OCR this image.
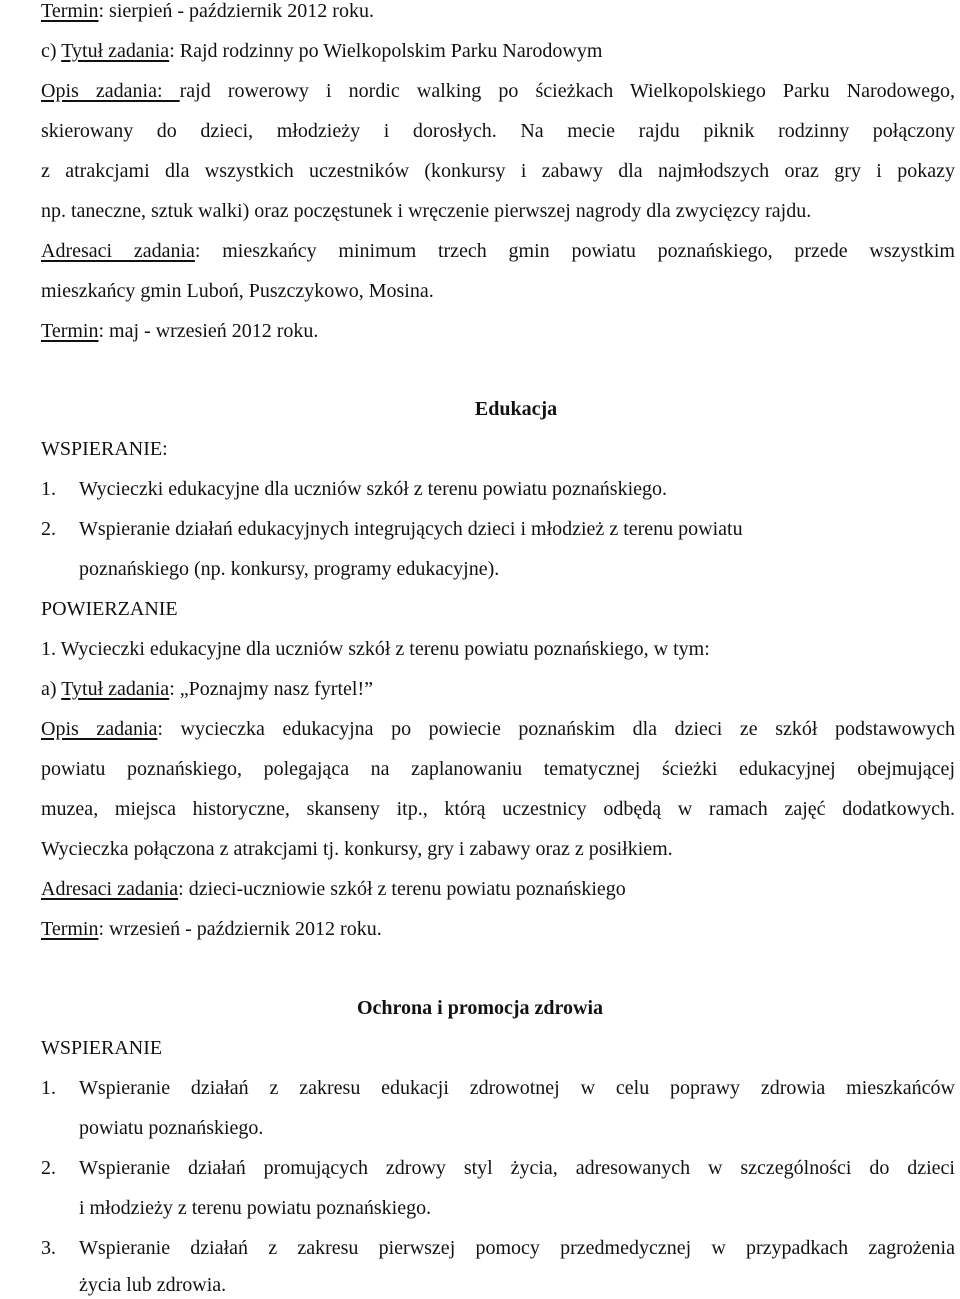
Termin: sierpień - październik 2012 roku.
c) Tytuł zadania: Rajd rodzinny po Wielkopolskim Parku Narodowym
Opis zadania: rajd rowerowy i nordic walking po ścieżkach Wielkopolskiego Parku Narodowego,
skierowany do dzieci, młodzieży i dorosłych. Na mecie rajdu piknik rodzinny połączony
z atrakcjami dla wszystkich uczestników (konkursy i zabawy dla najmłodszych oraz gry i pokazy
np. taneczne, sztuk walki) oraz poczęstunek i wręczenie pierwszej nagrody dla zwycięzcy rajdu.
Adresaci zadania: mieszkańcy minimum trzech gmin powiatu poznańskiego, przede wszystkim
mieszkańcy gmin Luboń, Puszczykowo, Mosina.
Termin: maj - wrzesień 2012 roku.
Edukacja
WSPIERANIE:
1. Wycieczki edukacyjne dla uczniów szkół z terenu powiatu poznańskiego.
2. Wspieranie działań edukacyjnych integrujących dzieci i młodzież z terenu powiatu
poznańskiego (np. konkursy, programy edukacyjne).
POWIERZANIE
1. Wycieczki edukacyjne dla uczniów szkół z terenu powiatu poznańskiego, w tym:
a) Tytuł zadania: „Poznajmy nasz fyrtel!”
Opis zadania: wycieczka edukacyjna po powiecie poznańskim dla dzieci ze szkół podstawowych
powiatu poznańskiego, polegająca na zaplanowaniu tematycznej ścieżki edukacyjnej obejmującej
muzea, miejsca historyczne, skanseny itp., którą uczestnicy odbędą w ramach zajęć dodatkowych.
Wycieczka połączona z atrakcjami tj. konkursy, gry i zabawy oraz z posiłkiem.
Adresaci zadania: dzieci-uczniowie szkół z terenu powiatu poznańskiego
Termin: wrzesień - październik 2012 roku.
Ochrona i promocja zdrowia
WSPIERANIE
1. Wspieranie działań z zakresu edukacji zdrowotnej w celu poprawy zdrowia mieszkańców
powiatu poznańskiego.
2. Wspieranie działań promujących zdrowy styl życia, adresowanych w szczególności do dzieci
i młodzieży z terenu powiatu poznańskiego.
3. Wspieranie działań z zakresu pierwszej pomocy przedmedycznej w przypadkach zagrożenia
życia lub zdrowia.
